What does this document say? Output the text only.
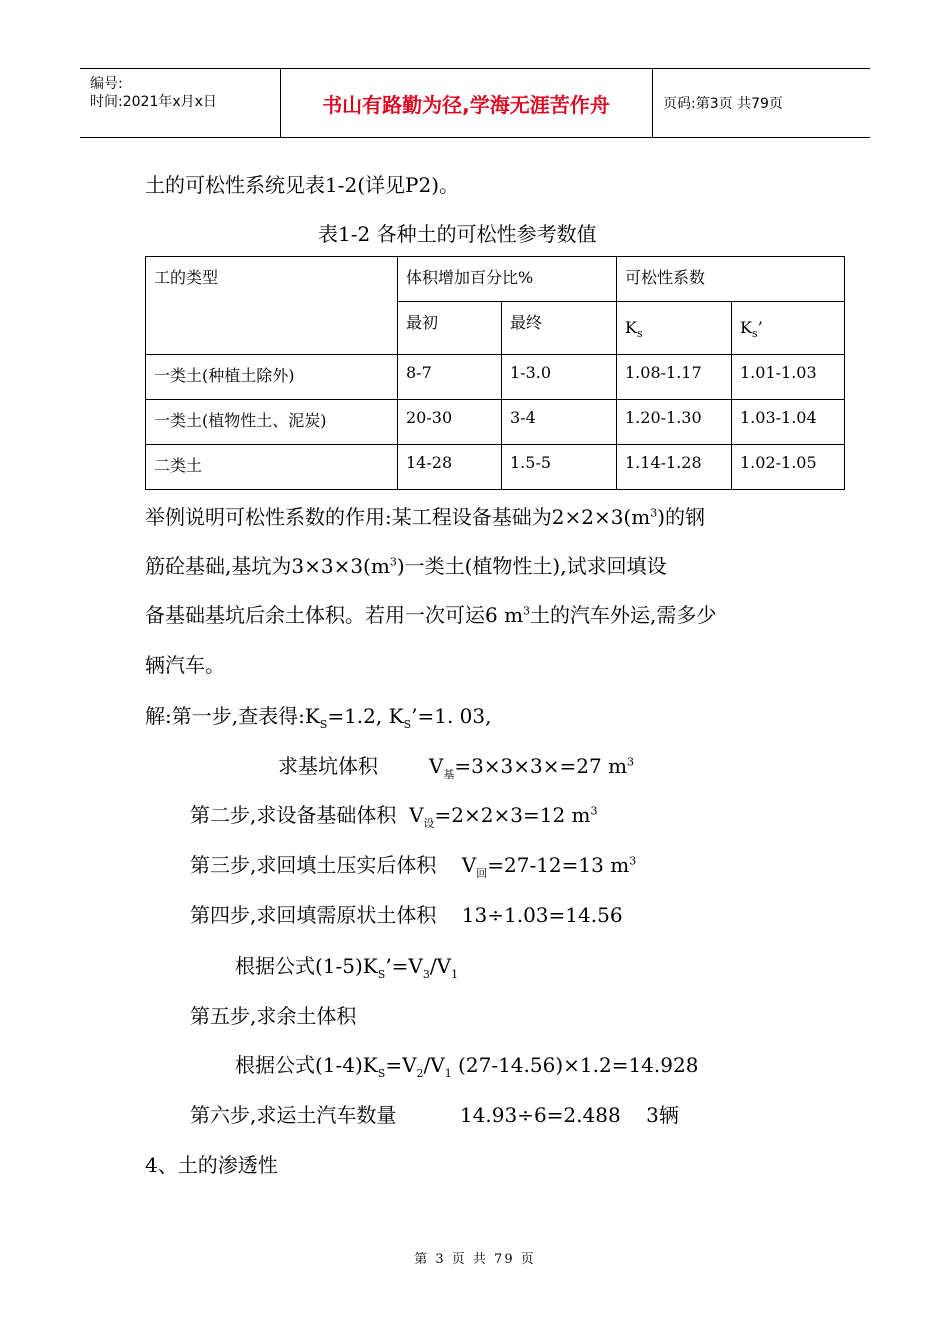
编号:
时间:2021年x月x日	书山有路勤为径,学海无涯苦作舟	页码:第3页 共79页
土的可松性系统见表1-2(详见P2)。
表1-2 各种土的可松性参考数值
工的类型	体积增加百分比%		可松性系数	
	最初	最终	$K_s$	$K_s$’
一类土(种植土除外)	8-7	1-3.0	1.08-1.17	1.01-1.03
一类土(植物性土、泥炭)	20-30	3-4	1.20-1.30	1.03-1.04
二类土	14-28	1.5-5	1.14-1.28	1.02-1.05
举例说明可松性系数的作用:某工程设备基础为$2\times 2\times 3(m^3)$的钢
筋砼基础,基坑为$3\times 3\times 3(m^3)$一类土(植物性土),试求回填设
备基础基坑后余土体积。若用一次可运6 $m^3$土的汽车外运,需多少
辆汽车。
解:第一步,查表得$:K_S=1.2$, $K_S’=1$. 03,
求基坑体积        $V_基=3\times 3\times 3\times=27$ $m^3$
第二步,求设备基础体积  $V_设=2\times 2\times 3=12$ $m^3$
第三步,求回填土压实后体积    $V_回=27-12=13$ $m^3$
第四步,求回填需原状土体积    13÷1.03=14.56
根据公式$(1-5)K_S’=V_3/V_1$
第五步,求余土体积
根据公式$(1-4)K_S=V_2/V_1$ (27-14.56)×1.2=14.928
第六步,求运土汽车数量          14.93÷6=2.488    3辆
4、土的渗透性
第 3 页 共 79 页
